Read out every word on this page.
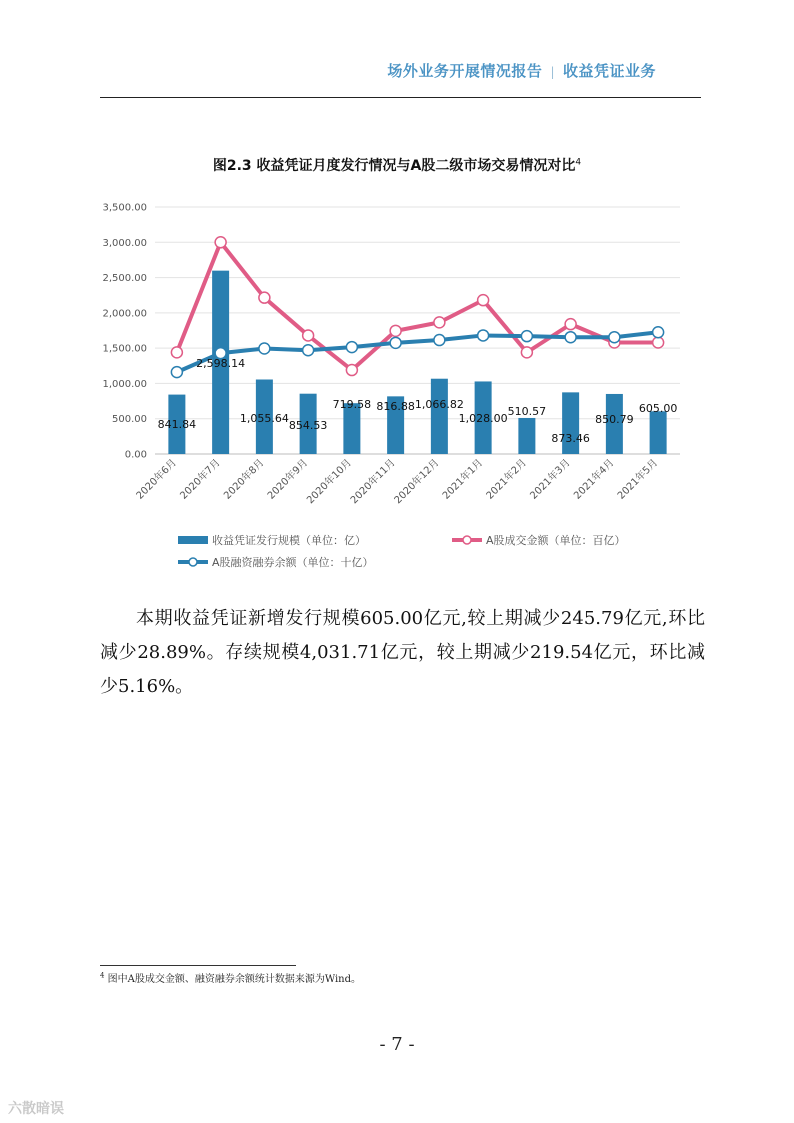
场外业务开展情况报告 | 收益凭证业务
图2.3 收益凭证月度发行情况与A股二级市场交易情况对比$^4$
0.00
500.00
1,000.00
1,500.00
2,000.00
2,500.00
3,000.00
3,500.00
2020年6月 2020年7月 2020年8月 2020年9月
2020年10月
2020年11月
2020年12月 2021年1月 2021年2月 2021年3月 2021年4月 2021年5月
841.84
2,598.14
1,055.64
854.53
719.58 816.88 1,066.82
1,028.00
510.57
873.46
850.79
605.00
收益凭证发行规模（单位：亿）	A股成交金额（单位：百亿）
A股融资融券余额（单位：十亿）

本期收益凭证新增发行规模605.00亿元,较上期减少245.79亿元,环比减少28.89%。存续规模4,031.71亿元，较上期减少219.54亿元，环比减少5.16%。

$^4$ 图中A股成交金额、融资融券余额统计数据来源为Wind。
- 7 -
六散暗误
